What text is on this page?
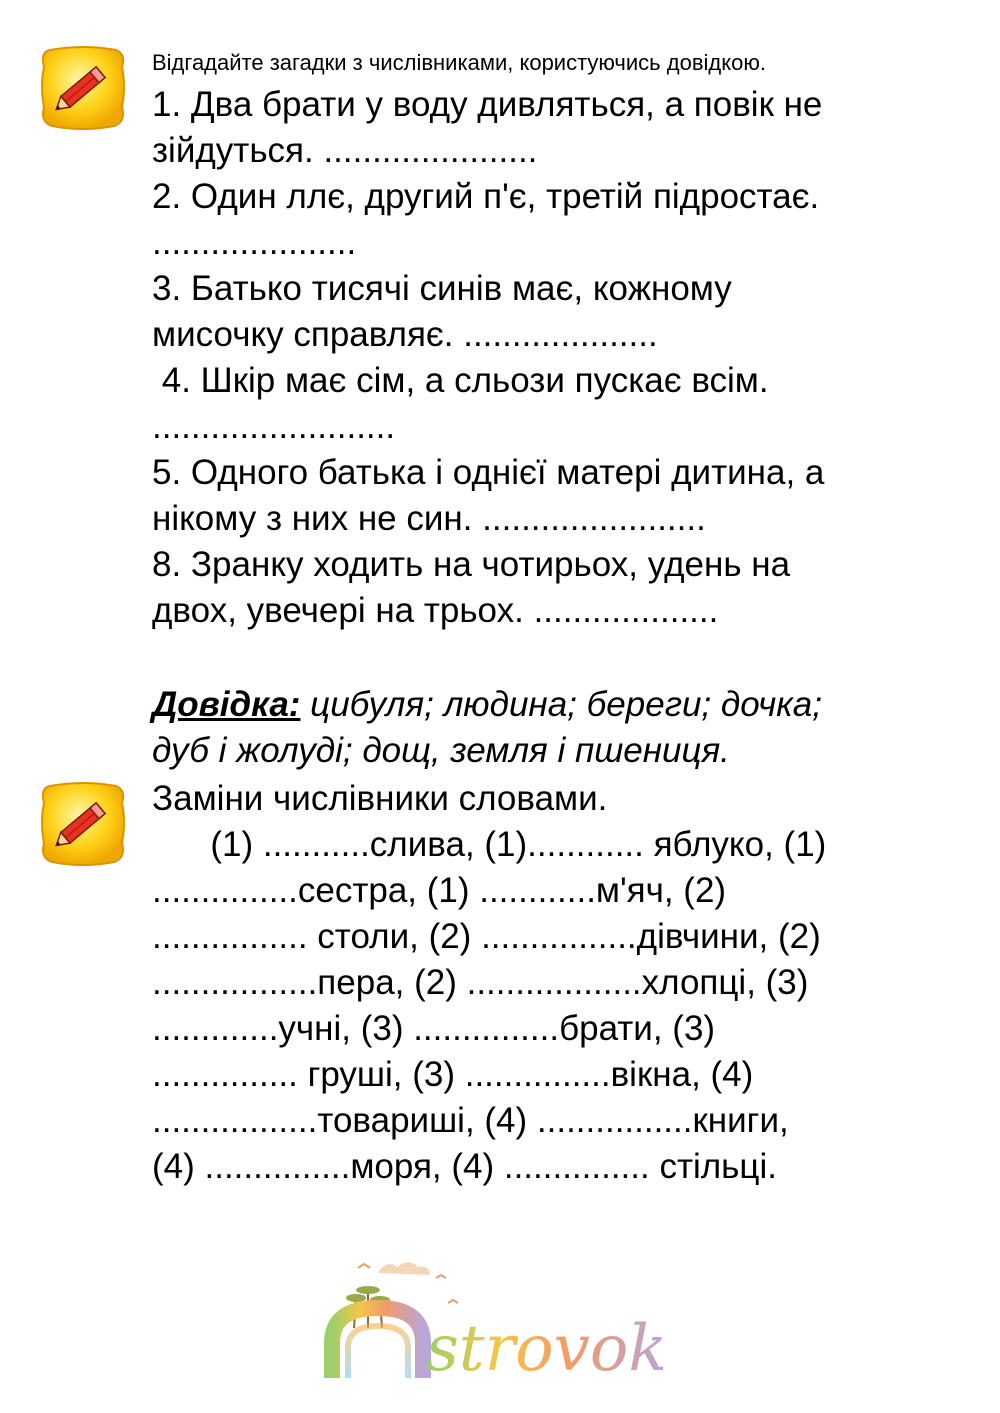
Відгадайте загадки з числівниками, користуючись довідкою.

1. Два брати у воду дивляться, а повік не

зійдуться. ......................

2. Один ллє, другий п'є, третій підростає.

.....................

3. Батько тисячі синів має, кожному

мисочку справляє. ....................

4. Шкір має сім, а сльози пускає всім.

.........................

5. Одного батька і однієї матері дитина, а

нікому з них не син. .......................

8. Зранку ходить на чотирьох, удень на

двох, увечері на трьох. ...................

Довідка: цибуля; людина; береги; дочка;
дуб і жолуді; дощ, земля і пшениця.
Заміни числівники словами.
(1) ...........слива, (1)............ яблуко, (1)
...............сестра, (1) ............м'яч, (2)
................ столи, (2) ................дівчини, (2)
.................пера, (2) ..................хлопці, (3)
.............учні, (3) ...............брати, (3)
............... груші, (3) ...............вікна, (4)
.................товариші, (4) ................книги,
(4) ...............моря, (4) ............... стільці.
strovok
